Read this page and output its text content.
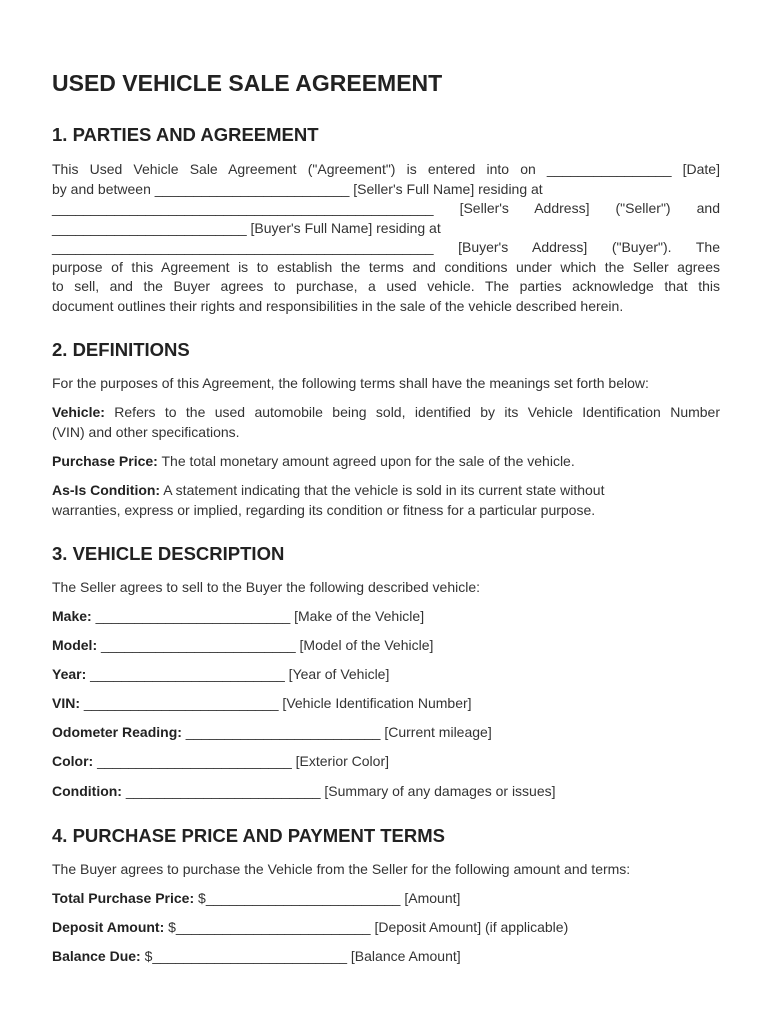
USED VEHICLE SALE AGREEMENT
1. PARTIES AND AGREEMENT
This Used Vehicle Sale Agreement ("Agreement") is entered into on ________________ [Date]
by and between _________________________ [Seller's Full Name] residing at
_________________________________________________ [Seller's Address] ("Seller") and
_________________________ [Buyer's Full Name] residing at
_________________________________________________ [Buyer's Address] ("Buyer"). The
purpose of this Agreement is to establish the terms and conditions under which the Seller agrees
to sell, and the Buyer agrees to purchase, a used vehicle. The parties acknowledge that this
document outlines their rights and responsibilities in the sale of the vehicle described herein.
2. DEFINITIONS
For the purposes of this Agreement, the following terms shall have the meanings set forth below:
Vehicle: Refers to the used automobile being sold, identified by its Vehicle Identification Number
(VIN) and other specifications.
Purchase Price: The total monetary amount agreed upon for the sale of the vehicle.
As-Is Condition: A statement indicating that the vehicle is sold in its current state without
warranties, express or implied, regarding its condition or fitness for a particular purpose.
3. VEHICLE DESCRIPTION
The Seller agrees to sell to the Buyer the following described vehicle:
Make: _________________________ [Make of the Vehicle]
Model: _________________________ [Model of the Vehicle]
Year: _________________________ [Year of Vehicle]
VIN: _________________________ [Vehicle Identification Number]
Odometer Reading: _________________________ [Current mileage]
Color: _________________________ [Exterior Color]
Condition: _________________________ [Summary of any damages or issues]
4. PURCHASE PRICE AND PAYMENT TERMS
The Buyer agrees to purchase the Vehicle from the Seller for the following amount and terms:
Total Purchase Price: $_________________________ [Amount]
Deposit Amount: $_________________________ [Deposit Amount] (if applicable)
Balance Due: $_________________________ [Balance Amount]
